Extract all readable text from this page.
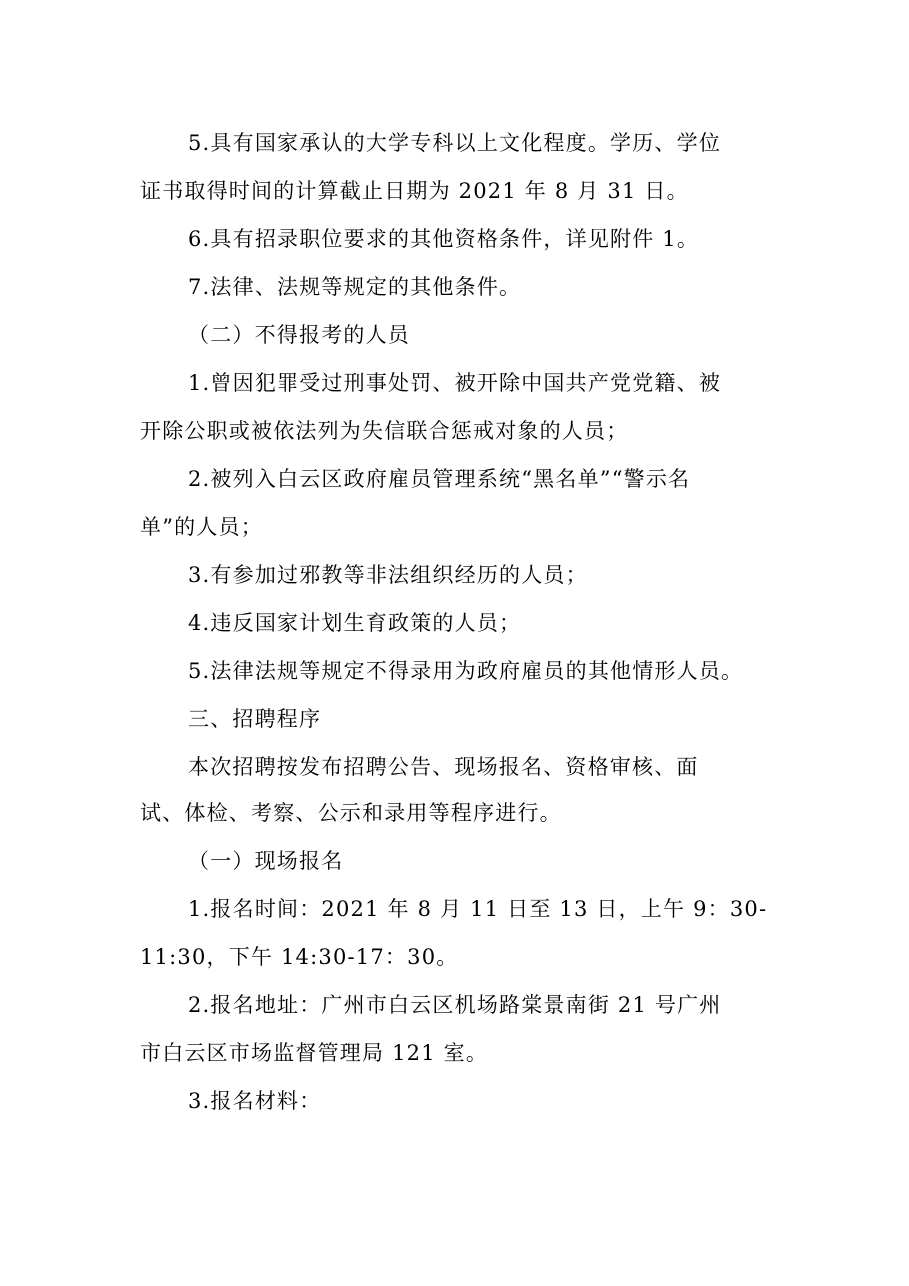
5.具有国家承认的大学专科以上文化程度。学历、学位
证书取得时间的计算截止日期为 2021 年 8 月 31 日。
6.具有招录职位要求的其他资格条件，详见附件 1。
7.法律、法规等规定的其他条件。
（二）不得报考的人员
1.曾因犯罪受过刑事处罚、被开除中国共产党党籍、被
开除公职或被依法列为失信联合惩戒对象的人员；
2.被列入白云区政府雇员管理系统“黑名单”“警示名
单”的人员；
3.有参加过邪教等非法组织经历的人员；
4.违反国家计划生育政策的人员；
5.法律法规等规定不得录用为政府雇员的其他情形人员。
三、招聘程序
本次招聘按发布招聘公告、现场报名、资格审核、面
试、体检、考察、公示和录用等程序进行。
（一）现场报名
1.报名时间：2021 年 8 月 11 日至 13 日，上午 9：30-
11:30，下午 14:30-17：30。
2.报名地址：广州市白云区机场路棠景南街 21 号广州
市白云区市场监督管理局 121 室。
3.报名材料：
